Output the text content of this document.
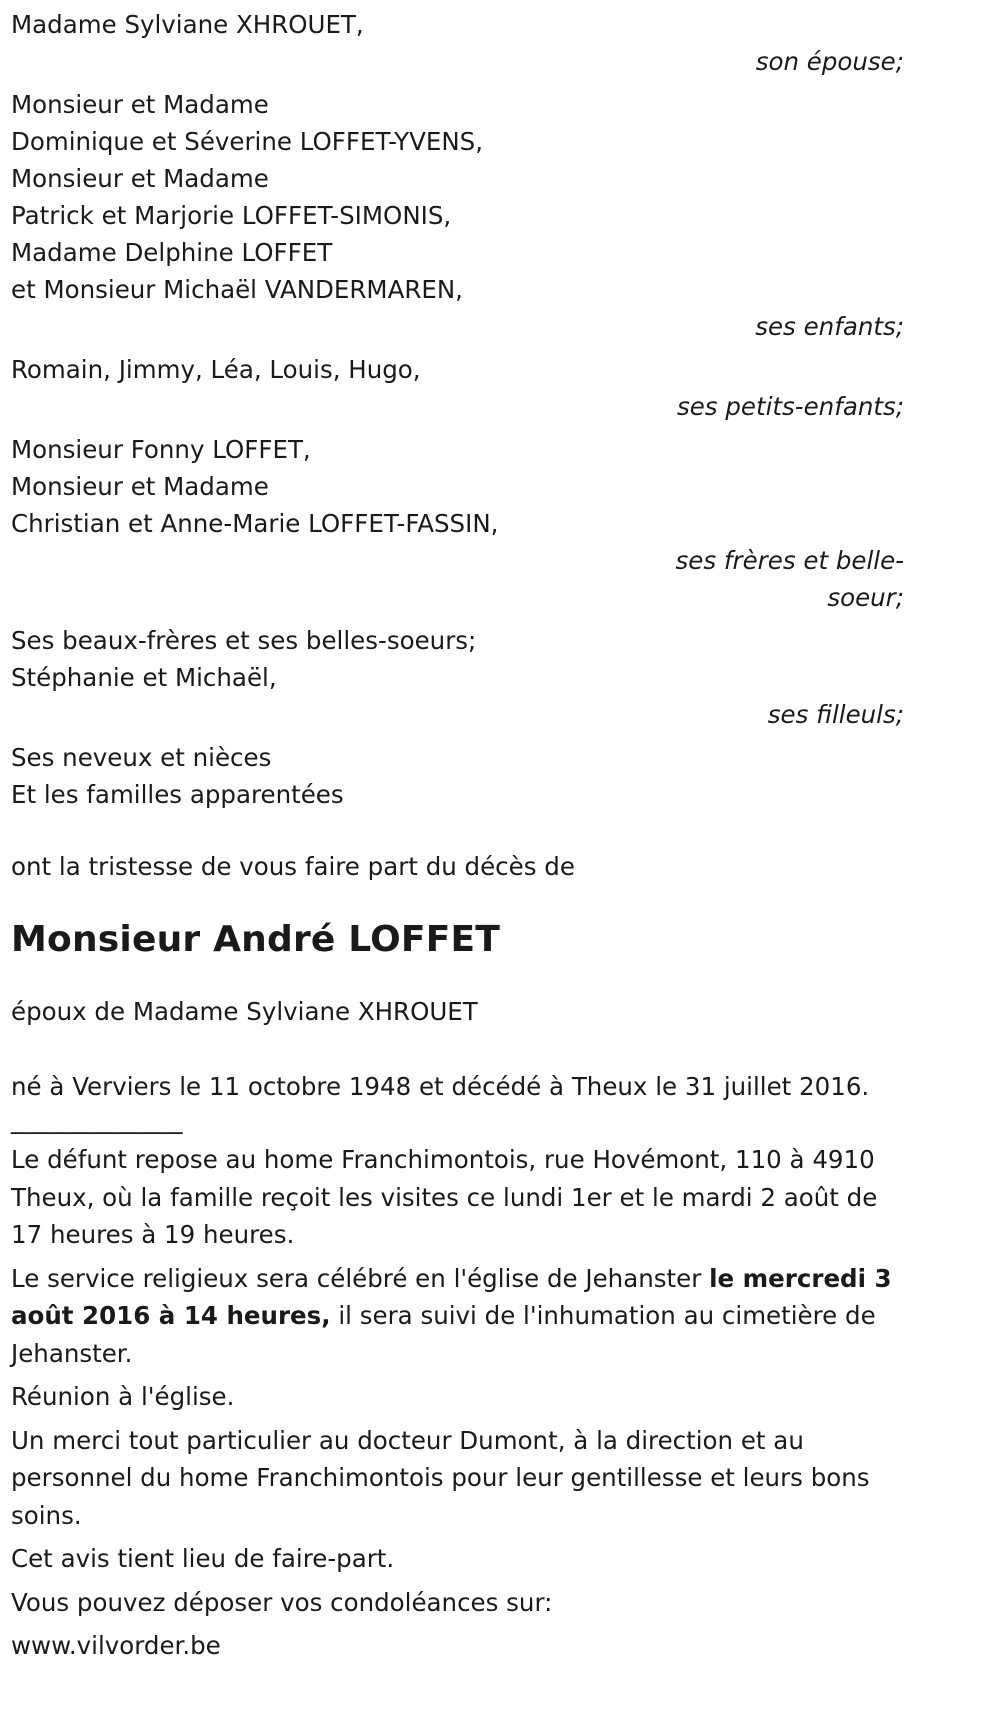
Madame Sylviane XHROUET,
son épouse;
Monsieur et Madame
Dominique et Séverine LOFFET-YVENS,
Monsieur et Madame
Patrick et Marjorie LOFFET-SIMONIS,
Madame Delphine LOFFET
et Monsieur Michaël VANDERMAREN,
ses enfants;
Romain, Jimmy, Léa, Louis, Hugo,
ses petits-enfants;
Monsieur Fonny LOFFET,
Monsieur et Madame
Christian et Anne-Marie LOFFET-FASSIN,
ses frères et belle-
soeur;
Ses beaux-frères et ses belles-soeurs;
Stéphanie et Michaël,
ses filleuls;
Ses neveux et nièces
Et les familles apparentées
ont la tristesse de vous faire part du décès de
Monsieur André LOFFET
époux de Madame Sylviane XHROUET
né à Verviers le 11 octobre 1948 et décédé à Theux le 31 juillet 2016.
______________

Le défunt repose au home Franchimontois, rue Hovémont, 110 à 4910 Theux, où la famille reçoit les visites ce lundi 1er et le mardi 2 août de 17 heures à 19 heures.

Le service religieux sera célébré en l'église de Jehanster le mercredi 3 août 2016 à 14 heures, il sera suivi de l'inhumation au cimetière de Jehanster.

Réunion à l'église.

Un merci tout particulier au docteur Dumont, à la direction et au personnel du home Franchimontois pour leur gentillesse et leurs bons soins.

Cet avis tient lieu de faire-part.

Vous pouvez déposer vos condoléances sur:

www.vilvorder.be
